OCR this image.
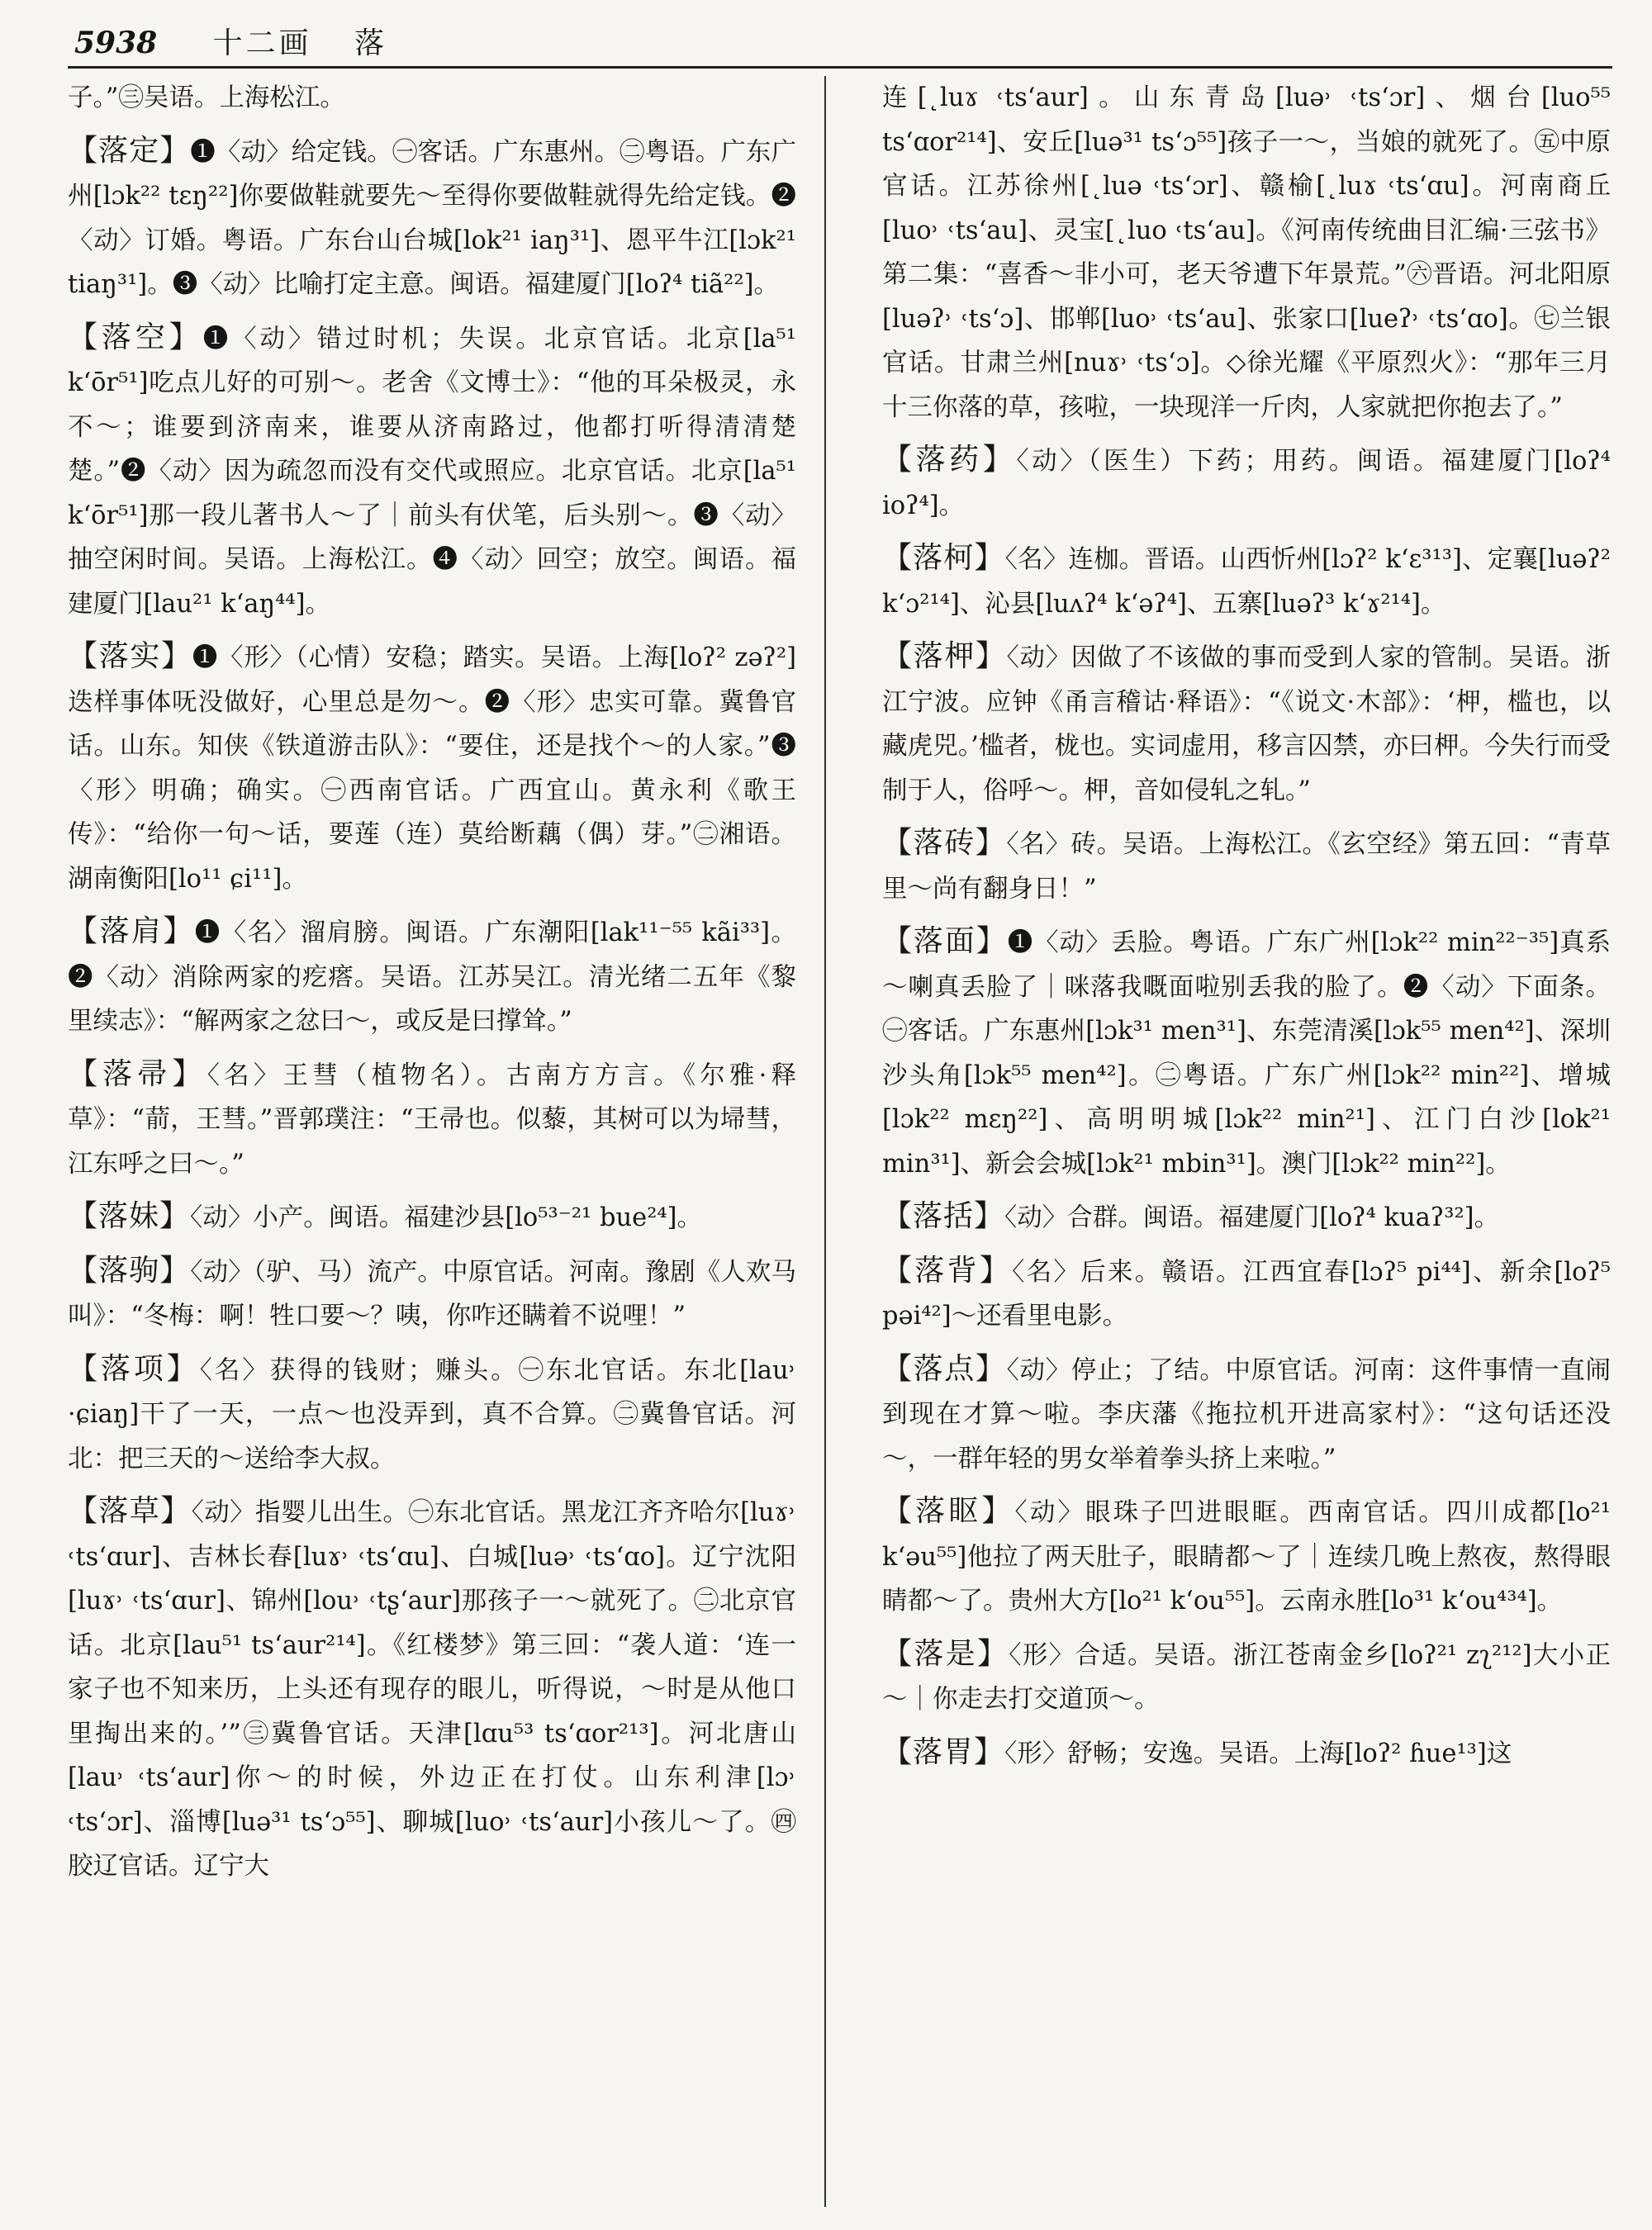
5938 十二画 落
子。”㊂吴语。上海松江。
【落定】❶〈动〉给定钱。㊀客话。广东惠州。㊁粤语。广东广州[lɔk²² tɛŋ²²]你要做鞋就要先～至得你要做鞋就得先给定钱。❷〈动〉订婚。粤语。广东台山台城[lok²¹ iaŋ³¹]、恩平牛江[lɔk²¹ tiaŋ³¹]。❸〈动〉比喻打定主意。闽语。福建厦门[loʔ⁴ tiã²²]。
【落空】❶〈动〉错过时机；失误。北京官话。北京[la⁵¹ k‘ōr⁵¹]吃点儿好的可别～。老舍《文博士》：“他的耳朵极灵，永不～；谁要到济南来，谁要从济南路过，他都打听得清清楚楚。”❷〈动〉因为疏忽而没有交代或照应。北京官话。北京[la⁵¹ k‘ōr⁵¹]那一段儿著书人～了｜前头有伏笔，后头别～。❸〈动〉抽空闲时间。吴语。上海松江。❹〈动〉回空；放空。闽语。福建厦门[lau²¹ k‘aŋ⁴⁴]。
【落实】❶〈形〉（心情）安稳；踏实。吴语。上海[loʔ² zəʔ²]迭样事体呒没做好，心里总是勿～。❷〈形〉忠实可靠。冀鲁官话。山东。知侠《铁道游击队》：“要住，还是找个～的人家。”❸〈形〉明确；确实。㊀西南官话。广西宜山。黄永利《歌王传》：“给你一句～话，要莲（连）莫给断藕（偶）芽。”㊁湘语。湖南衡阳[lo¹¹ ɕi¹¹]。
【落肩】❶〈名〉溜肩膀。闽语。广东潮阳[lak¹¹⁻⁵⁵ kãi³³]。❷〈动〉消除两家的疙瘩。吴语。江苏吴江。清光绪二五年《黎里续志》：“解两家之忿曰～，或反是曰撑耸。”
【落帚】〈名〉王彗（植物名）。古南方方言。《尔雅·释草》：“葥，王彗。”晋郭璞注：“王帚也。似藜，其树可以为埽彗，江东呼之曰～。”
【落妹】〈动〉小产。闽语。福建沙县[lo⁵³⁻²¹ bue²⁴]。
【落驹】〈动〉（驴、马）流产。中原官话。河南。豫剧《人欢马叫》：“冬梅：啊！牲口要～？咦，你咋还瞒着不说哩！”
【落项】〈名〉获得的钱财；赚头。㊀东北官话。东北[lau˒ ·ɕiaŋ]干了一天，一点～也没弄到，真不合算。㊁冀鲁官话。河北：把三天的～送给李大叔。
【落草】〈动〉指婴儿出生。㊀东北官话。黑龙江齐齐哈尔[luɤ˒ ˓ts‘ɑur]、吉林长春[luɤ˒ ˓ts‘ɑu]、白城[luə˒ ˓ts‘ɑo]。辽宁沈阳[luɤ˒ ˓ts‘ɑur]、锦州[lou˒ ˓tʂ‘aur]那孩子一～就死了。㊁北京官话。北京[lau⁵¹ ts‘aur²¹⁴]。《红楼梦》第三回：“袭人道：‘连一家子也不知来历，上头还有现存的眼儿，听得说，～时是从他口里掏出来的。’”㊂冀鲁官话。天津[lɑu⁵³ ts‘ɑor²¹³]。河北唐山[lau˒ ˓ts‘aur]你～的时候，外边正在打仗。山东利津[lɔ˒ ˓ts‘ɔr]、淄博[luə³¹ ts‘ɔ⁵⁵]、聊城[luo˒ ˓ts‘aur]小孩儿～了。㊃胶辽官话。辽宁大
连[˛luɤ ˓ts‘aur]。山东青岛[luə˒ ˓ts‘ɔr]、烟台[luo⁵⁵ ts‘ɑor²¹⁴]、安丘[luə³¹ ts‘ɔ⁵⁵]孩子一～，当娘的就死了。㊄中原官话。江苏徐州[˛luə ˓ts‘ɔr]、赣榆[˛luɤ ˓ts‘ɑu]。河南商丘[luo˒ ˓ts‘au]、灵宝[˛luo ˓ts‘au]。《河南传统曲目汇编·三弦书》第二集：“喜香～非小可，老天爷遭下年景荒。”㊅晋语。河北阳原[luəʔ˒ ˓ts‘ɔ]、邯郸[luo˒ ˓ts‘au]、张家口[lueʔ˒ ˓ts‘ɑo]。㊆兰银官话。甘肃兰州[nuɤ˒ ˓ts‘ɔ]。◇徐光耀《平原烈火》：“那年三月十三你落的草，孩啦，一块现洋一斤肉，人家就把你抱去了。”
【落药】〈动〉（医生）下药；用药。闽语。福建厦门[loʔ⁴ ioʔ⁴]。
【落柯】〈名〉连枷。晋语。山西忻州[lɔʔ² k‘ɛ³¹³]、定襄[luəʔ² k‘ɔ²¹⁴]、沁县[luʌʔ⁴ k‘əʔ⁴]、五寨[luəʔ³ k‘ɤ²¹⁴]。
【落柙】〈动〉因做了不该做的事而受到人家的管制。吴语。浙江宁波。应钟《甬言稽诂·释语》：“《说文·木部》：‘柙，槛也，以藏虎兕。’槛者，栊也。实词虚用，移言囚禁，亦曰柙。今失行而受制于人，俗呼～。柙，音如侵轧之轧。”
【落砖】〈名〉砖。吴语。上海松江。《玄空经》第五回：“青草里～尚有翻身日！”
【落面】❶〈动〉丢脸。粤语。广东广州[lɔk²² min²²⁻³⁵]真系～喇真丢脸了｜咪落我嘅面啦别丢我的脸了。❷〈动〉下面条。㊀客话。广东惠州[lɔk³¹ men³¹]、东莞清溪[lɔk⁵⁵ men⁴²]、深圳沙头角[lɔk⁵⁵ men⁴²]。㊁粤语。广东广州[lɔk²² min²²]、增城[lɔk²² mɛŋ²²]、高明明城[lɔk²² min²¹]、江门白沙[lok²¹ min³¹]、新会会城[lɔk²¹ mbin³¹]。澳门[lɔk²² min²²]。
【落括】〈动〉合群。闽语。福建厦门[loʔ⁴ kuaʔ³²]。
【落背】〈名〉后来。赣语。江西宜春[lɔʔ⁵ pi⁴⁴]、新余[loʔ⁵ pəi⁴²]～还看里电影。
【落点】〈动〉停止；了结。中原官话。河南：这件事情一直闹到现在才算～啦。李庆藩《拖拉机开进高家村》：“这句话还没～，一群年轻的男女举着拳头挤上来啦。”
【落眍】〈动〉眼珠子凹进眼眶。西南官话。四川成都[lo²¹ k‘əu⁵⁵]他拉了两天肚子，眼睛都～了｜连续几晚上熬夜，熬得眼睛都～了。贵州大方[lo²¹ k‘ou⁵⁵]。云南永胜[lo³¹ k‘ou⁴³⁴]。
【落是】〈形〉合适。吴语。浙江苍南金乡[loʔ²¹ zʅ²¹²]大小正～｜你走去打交道顶～。
【落胃】〈形〉舒畅；安逸。吴语。上海[loʔ² ɦue¹³]这
